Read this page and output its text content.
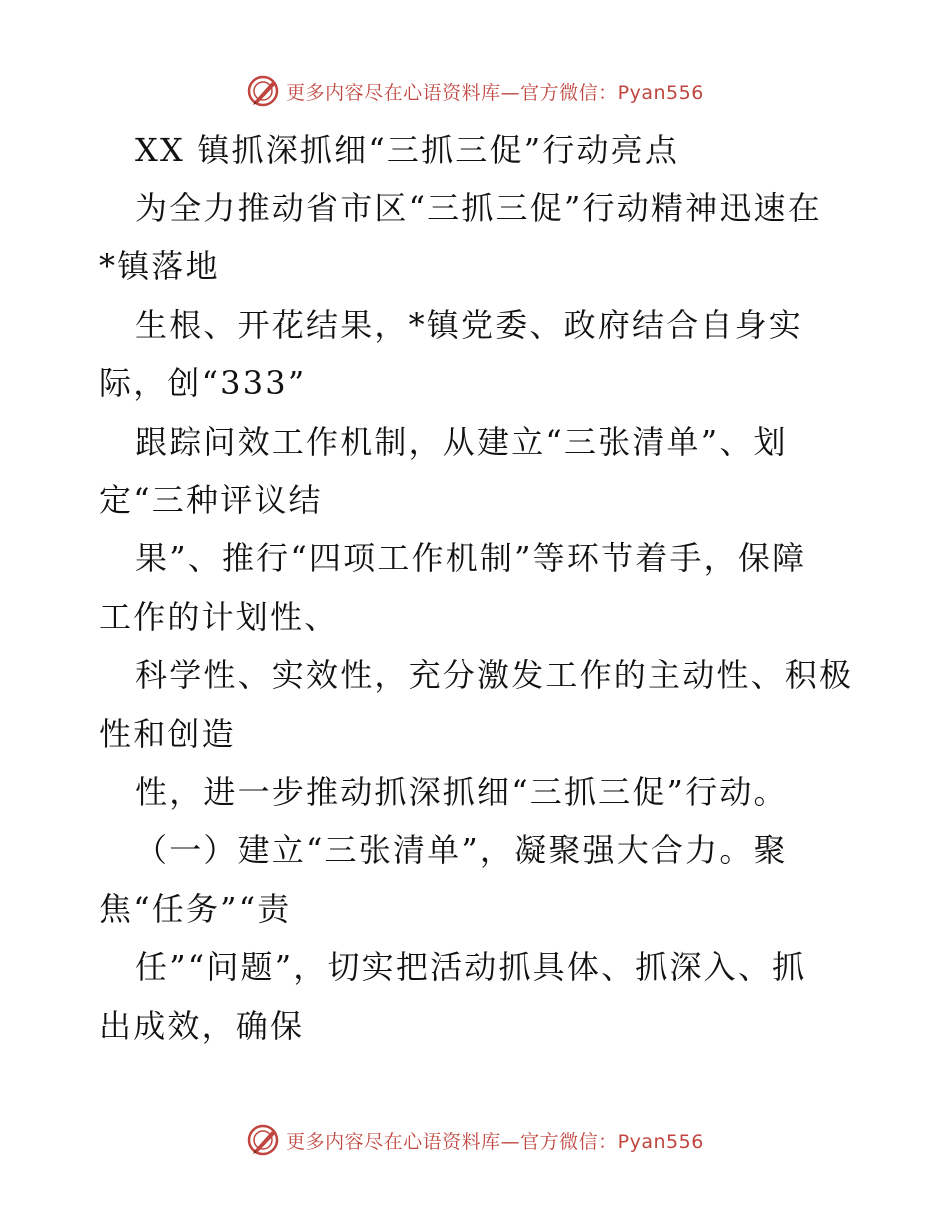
更多内容尽在心语资料库—官方微信：Pyan556
XX 镇抓深抓细“三抓三促”行动亮点
为全力推动省市区“三抓三促”行动精神迅速在
*镇落地
生根、开花结果，*镇党委、政府结合自身实
际，创“333”
跟踪问效工作机制，从建立“三张清单”、划
定“三种评议结
果”、推行“四项工作机制”等环节着手，保障
工作的计划性、
科学性、实效性，充分激发工作的主动性、积极
性和创造
性，进一步推动抓深抓细“三抓三促”行动。
（一）建立“三张清单”，凝聚强大合力。聚
焦“任务”“责
任”“问题”，切实把活动抓具体、抓深入、抓
出成效，确保
更多内容尽在心语资料库—官方微信：Pyan556
